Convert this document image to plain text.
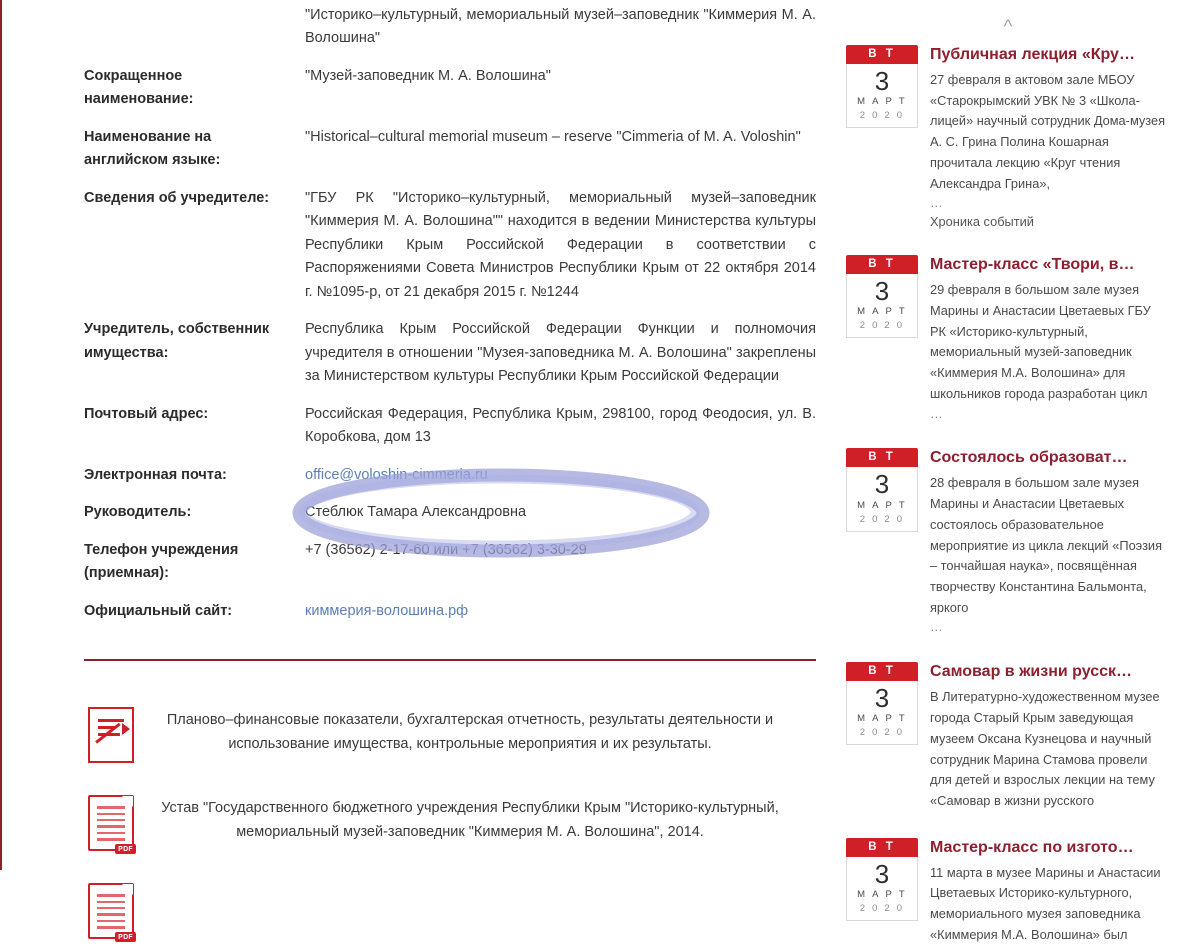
	"Историко–культурный, мемориальный музей–заповедник "Киммерия М. А. Волошина"
Сокращенное наименование:	"Музей-заповедник М. А. Волошина"
Наименование на английском языке:	"Historical–cultural memorial museum – reserve "Cimmeria of M. A. Voloshin"
Сведения об учредителе:	"ГБУ РК "Историко–культурный, мемориальный музей–заповедник "Киммерия М. А. Волошина"" находится в ведении Министерства культуры Республики Крым Российской Федерации в соответствии с Распоряжениями Совета Министров Республики Крым от 22 октября 2014 г. №1095-р, от 21 декабря 2015 г. №1244
Учредитель, собственник имущества:	Республика Крым Российской Федерации Функции и полномочия учредителя в отношении "Музея-заповедника М. А. Волошина" закреплены за Министерством культуры Республики Крым Российской Федерации
Почтовый адрес:	Российская Федерация, Республика Крым, 298100, город Феодосия, ул. В. Коробкова, дом 13
Электронная почта:	office@voloshin-cimmeria.ru
Руководитель:	Стеблюк Тамара Александровна
Телефон учреждения (приемная):	+7 (36562) 2-17-60 или +7 (36562) 3-30-29
Официальный сайт:	киммерия-волошина.рф
Планово–финансовые показатели, бухгалтерская отчетность, результаты деятельности и использование имущества, контрольные мероприятия и их результаты.
PDF
Устав "Государственного бюджетного учреждения Республики Крым "Историко-культурный, мемориальный музей-заповедник "Киммерия М. А. Волошина", 2014.
PDF
^
В Т
3
М А Р Т
2 0 2 0
Публичная лекция «Кру…
27 февраля в актовом зале МБОУ «Старокрымский УВК № 3 «Школа-лицей» научный сотрудник Дома-музея А. С. Грина Полина Кошарная прочитала лекцию «Круг чтения Александра Грина»,
…
Хроника событий
В Т
3
М А Р Т
2 0 2 0
Мастер-класс «Твори, в…
29 февраля в большом зале музея Марины и Анастасии Цветаевых ГБУ РК «Историко-культурный, мемориальный музей-заповедник «Киммерия М.А. Волошина» для школьников города разработан цикл
…
В Т
3
М А Р Т
2 0 2 0
Состоялось образоват…
28 февраля в большом зале музея Марины и Анастасии Цветаевых состоялось образовательное мероприятие из цикла лекций «Поэзия – тончайшая наука», посвящённая творчеству Константина Бальмонта, яркого
…
В Т
3
М А Р Т
2 0 2 0
Самовар в жизни русск…
В Литературно-художественном музее города Старый Крым заведующая музеем Оксана Кузнецова и научный сотрудник Марина Стамова провели для детей и взрослых лекции на тему «Самовар в жизни русского
В Т
3
М А Р Т
2 0 2 0
Мастер-класс по изгото…
11 марта в музее Марины и Анастасии Цветаевых Историко-культурного, мемориального музея заповедника «Киммерия М.А. Волошина» был
